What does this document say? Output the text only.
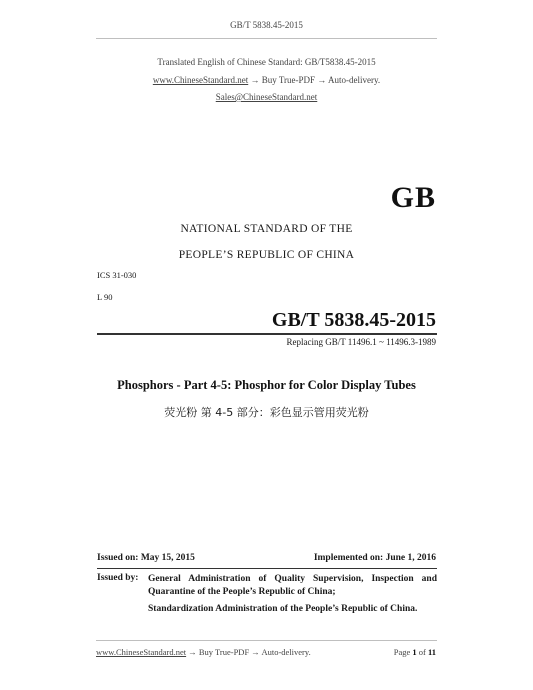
GB/T 5838.45-2015
Translated English of Chinese Standard: GB/T5838.45-2015
www.ChineseStandard.net → Buy True-PDF → Auto-delivery.
Sales@ChineseStandard.net
GB
NATIONAL STANDARD OF THE
PEOPLE’S REPUBLIC OF CHINA
ICS 31-030
L 90
GB/T 5838.45-2015
Replacing GB/T 11496.1 ~ 11496.3-1989
Phosphors - Part 4-5: Phosphor for Color Display Tubes
荧光粉 第 4-5 部分：彩色显示管用荧光粉
Issued on: May 15, 2015	Implemented on: June 1, 2016
Issued by: General Administration of Quality Supervision, Inspection and Quarantine of the People’s Republic of China;
Standardization Administration of the People’s Republic of China.
www.ChineseStandard.net → Buy True-PDF → Auto-delivery.	Page 1 of 11
